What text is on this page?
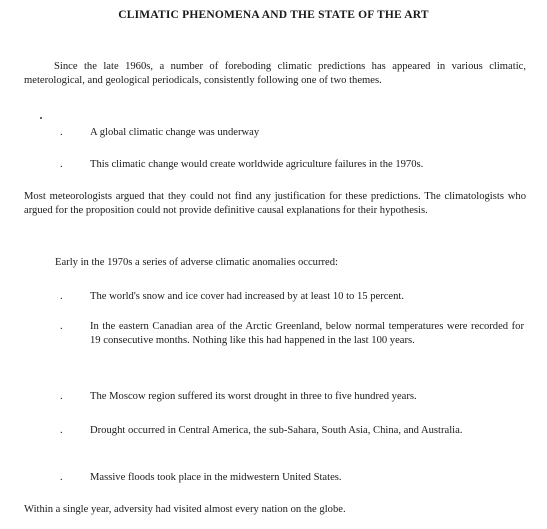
CLIMATIC PHENOMENA AND THE STATE OF THE ART

Since the late 1960s, a number of foreboding climatic predictions has appeared in various climatic, meterological, and geological periodicals, consistently following one of two themes.

.	A global climatic change was underway
.	This climatic change would create worldwide agriculture failures in the 1970s.

Most meteorologists argued that they could not find any justification for these predictions. The climatologists who argued for the proposition could not provide definitive causal explanations for their hypothesis.

Early in the 1970s a series of adverse climatic anomalies occurred:

.	The world's snow and ice cover had increased by at least 10 to 15 percent.
.	In the eastern Canadian area of the Arctic Greenland, below normal temperatures were recorded for 19 consecutive months. Nothing like this had happened in the last 100 years.
.	The Moscow region suffered its worst drought in three to five hundred years.
.	Drought occurred in Central America, the sub-Sahara, South Asia, China, and Australia.
.	Massive floods took place in the midwestern United States.

Within a single year, adversity had visited almost every nation on the globe.
